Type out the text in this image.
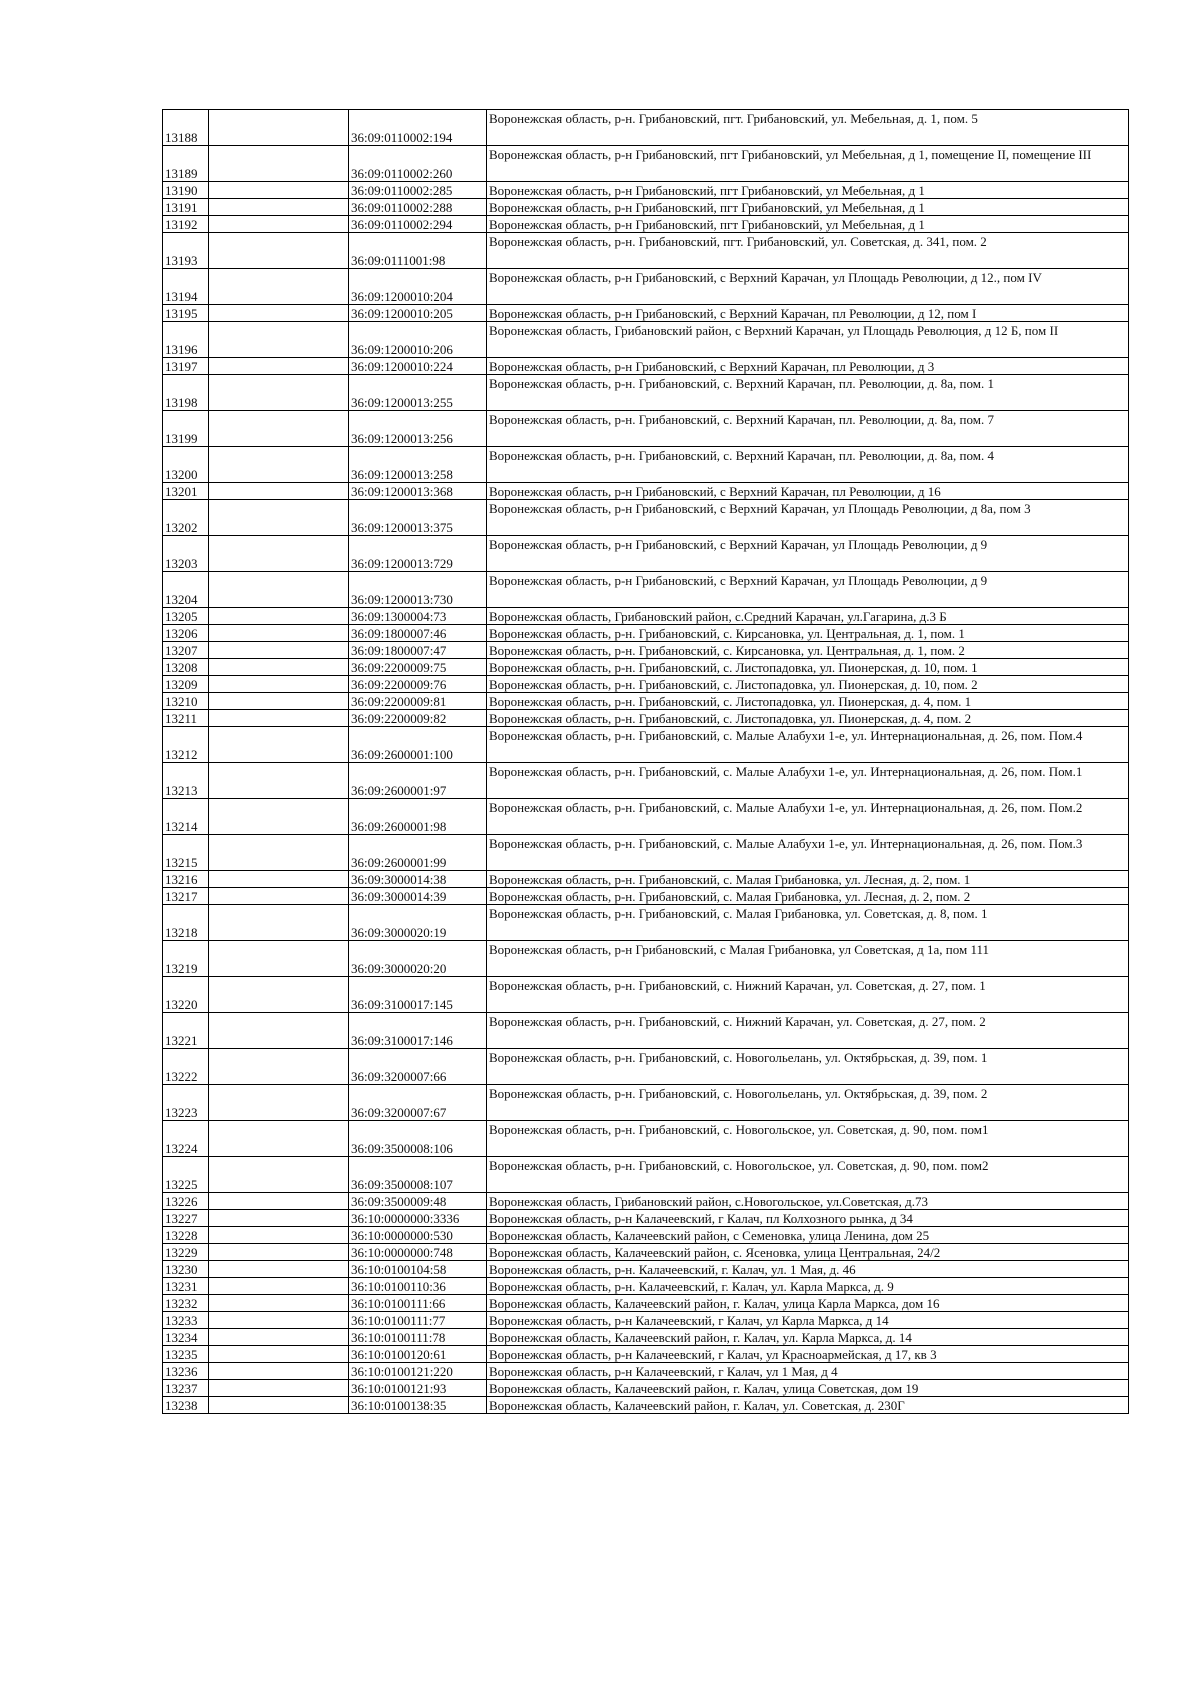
13188		36:09:0110002:194	Воронежская область, р-н. Грибановский, пгт. Грибановский, ул. Мебельная, д. 1, пом. 5
13189		36:09:0110002:260	Воронежская область, р-н Грибановский, пгт Грибановский, ул Мебельная, д 1, помещение II, помещение III
13190		36:09:0110002:285	Воронежская область, р-н Грибановский, пгт Грибановский, ул Мебельная, д 1
13191		36:09:0110002:288	Воронежская область, р-н Грибановский, пгт Грибановский, ул Мебельная, д 1
13192		36:09:0110002:294	Воронежская область, р-н Грибановский, пгт Грибановский, ул Мебельная, д 1
13193		36:09:0111001:98	Воронежская область, р-н. Грибановский, пгт. Грибановский, ул. Советская, д. 341, пом. 2
13194		36:09:1200010:204	Воронежская область, р-н Грибановский, с Верхний Карачан, ул Площадь Революции, д 12., пом IV
13195		36:09:1200010:205	Воронежская область, р-н Грибановский, с Верхний Карачан, пл Революции, д 12, пом I
13196		36:09:1200010:206	Воронежская область, Грибановский район, с Верхний Карачан, ул Площадь Революция, д 12 Б, пом II
13197		36:09:1200010:224	Воронежская область, р-н Грибановский, с Верхний Карачан, пл Революции, д 3
13198		36:09:1200013:255	Воронежская область, р-н. Грибановский, с. Верхний Карачан, пл. Революции, д. 8а, пом. 1
13199		36:09:1200013:256	Воронежская область, р-н. Грибановский, с. Верхний Карачан, пл. Революции, д. 8а, пом. 7
13200		36:09:1200013:258	Воронежская область, р-н. Грибановский, с. Верхний Карачан, пл. Революции, д. 8а, пом. 4
13201		36:09:1200013:368	Воронежская область, р-н Грибановский, с Верхний Карачан, пл Революции, д 16
13202		36:09:1200013:375	Воронежская область, р-н Грибановский, с Верхний Карачан, ул Площадь Революции, д 8а, пом 3
13203		36:09:1200013:729	Воронежская область, р-н Грибановский, с Верхний Карачан, ул Площадь Революции, д 9
13204		36:09:1200013:730	Воронежская область, р-н Грибановский, с Верхний Карачан, ул Площадь Революции, д 9
13205		36:09:1300004:73	Воронежская область, Грибановский район, с.Средний Карачан, ул.Гагарина, д.3 Б
13206		36:09:1800007:46	Воронежская область, р-н. Грибановский, с. Кирсановка, ул. Центральная, д. 1, пом. 1
13207		36:09:1800007:47	Воронежская область, р-н. Грибановский, с. Кирсановка, ул. Центральная, д. 1, пом. 2
13208		36:09:2200009:75	Воронежская область, р-н. Грибановский, с. Листопадовка, ул. Пионерская, д. 10, пом. 1
13209		36:09:2200009:76	Воронежская область, р-н. Грибановский, с. Листопадовка, ул. Пионерская, д. 10, пом. 2
13210		36:09:2200009:81	Воронежская область, р-н. Грибановский, с. Листопадовка, ул. Пионерская, д. 4, пом. 1
13211		36:09:2200009:82	Воронежская область, р-н. Грибановский, с. Листопадовка, ул. Пионерская, д. 4, пом. 2
13212		36:09:2600001:100	Воронежская область, р-н. Грибановский, с. Малые Алабухи 1-е, ул. Интернациональная, д. 26, пом. Пом.4
13213		36:09:2600001:97	Воронежская область, р-н. Грибановский, с. Малые Алабухи 1-е, ул. Интернациональная, д. 26, пом. Пом.1
13214		36:09:2600001:98	Воронежская область, р-н. Грибановский, с. Малые Алабухи 1-е, ул. Интернациональная, д. 26, пом. Пом.2
13215		36:09:2600001:99	Воронежская область, р-н. Грибановский, с. Малые Алабухи 1-е, ул. Интернациональная, д. 26, пом. Пом.3
13216		36:09:3000014:38	Воронежская область, р-н. Грибановский, с. Малая Грибановка, ул. Лесная, д. 2, пом. 1
13217		36:09:3000014:39	Воронежская область, р-н. Грибановский, с. Малая Грибановка, ул. Лесная, д. 2, пом. 2
13218		36:09:3000020:19	Воронежская область, р-н. Грибановский, с. Малая Грибановка, ул. Советская, д. 8, пом. 1
13219		36:09:3000020:20	Воронежская область, р-н Грибановский, с Малая Грибановка, ул Советская, д 1а, пом 111
13220		36:09:3100017:145	Воронежская область, р-н. Грибановский, с. Нижний Карачан, ул. Советская, д. 27, пом. 1
13221		36:09:3100017:146	Воронежская область, р-н. Грибановский, с. Нижний Карачан, ул. Советская, д. 27, пом. 2
13222		36:09:3200007:66	Воронежская область, р-н. Грибановский, с. Новогольелань, ул. Октябрьская, д. 39, пом. 1
13223		36:09:3200007:67	Воронежская область, р-н. Грибановский, с. Новогольелань, ул. Октябрьская, д. 39, пом. 2
13224		36:09:3500008:106	Воронежская область, р-н. Грибановский, с. Новогольское, ул. Советская, д. 90, пом. пом1
13225		36:09:3500008:107	Воронежская область, р-н. Грибановский, с. Новогольское, ул. Советская, д. 90, пом. пом2
13226		36:09:3500009:48	Воронежская область, Грибановский район, с.Новогольское, ул.Советская, д.73
13227		36:10:0000000:3336	Воронежская область, р-н Калачеевский, г Калач, пл Колхозного рынка, д 34
13228		36:10:0000000:530	Воронежская область, Калачеевский район, с Семеновка, улица Ленина, дом 25
13229		36:10:0000000:748	Воронежская область, Калачеевский район, с. Ясеновка, улица Центральная, 24/2
13230		36:10:0100104:58	Воронежская область, р-н. Калачеевский, г. Калач, ул. 1 Мая, д. 46
13231		36:10:0100110:36	Воронежская область, р-н. Калачеевский, г. Калач, ул. Карла Маркса, д. 9
13232		36:10:0100111:66	Воронежская область, Калачеевский район, г. Калач, улица Карла Маркса, дом 16
13233		36:10:0100111:77	Воронежская область, р-н Калачеевский, г Калач, ул Карла Маркса, д 14
13234		36:10:0100111:78	Воронежская область, Калачеевский район, г. Калач, ул. Карла Маркса, д. 14
13235		36:10:0100120:61	Воронежская область, р-н Калачеевский, г Калач, ул Красноармейская, д 17, кв 3
13236		36:10:0100121:220	Воронежская область, р-н Калачеевский, г Калач, ул 1 Мая, д 4
13237		36:10:0100121:93	Воронежская область, Калачеевский район, г. Калач, улица Советская, дом 19
13238		36:10:0100138:35	Воронежская область, Калачеевский район, г. Калач, ул. Советская, д. 230Г
